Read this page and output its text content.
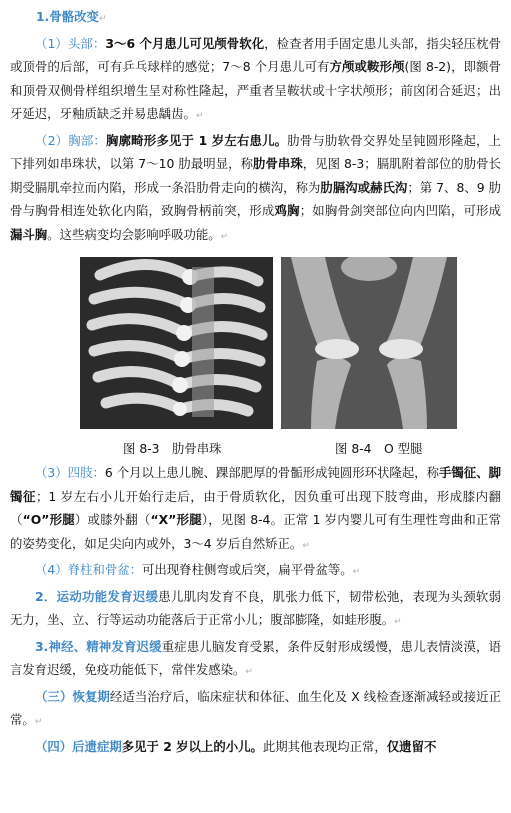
1.骨骼改变↵

（1）头部：3～6 个月患儿可见颅骨软化，检查者用手固定患儿头部，指尖轻压枕骨或顶骨的后部，可有乒乓球样的感觉；7～8 个月患儿可有方颅或鞍形颅(图 8-2)，即额骨和顶骨双侧骨样组织增生呈对称性隆起，严重者呈鞍状或十字状颅形；前囟闭合延迟；出牙延迟，牙釉质缺乏并易患龋齿。↵

（2）胸部：胸廓畸形多见于 1 岁左右患儿。肋骨与肋软骨交界处呈钝圆形隆起，上下排列如串珠状，以第 7～10 肋最明显，称肋骨串珠，见图 8-3；膈肌附着部位的肋骨长期受膈肌牵拉而内陷，形成一条沿肋骨走向的横沟，称为肋膈沟或赫氏沟；第 7、8、9 肋骨与胸骨相连处软化内陷，致胸骨柄前突，形成鸡胸；如胸骨剑突部位向内凹陷，可形成漏斗胸。这些病变均会影响呼吸功能。↵

图 8-3　肋骨串珠	图 8-4　O 型腿

（3）四肢：6 个月以上患儿腕、踝部肥厚的骨骺形成钝圆形环状隆起，称手镯征、脚镯征；1 岁左右小儿开始行走后，由于骨质软化，因负重可出现下肢弯曲，形成膝内翻（“O”形腿）或膝外翻（“X”形腿），见图 8-4。正常 1 岁内婴儿可有生理性弯曲和正常的姿势变化，如足尖向内或外，3～4 岁后自然矫正。↵

（4）脊柱和骨盆：可出现脊柱侧弯或后突，扁平骨盆等。↵

2．运动功能发育迟缓患儿肌肉发育不良，肌张力低下，韧带松弛，表现为头颈软弱无力，坐、立、行等运动功能落后于正常小儿；腹部膨隆，如蛙形腹。↵

3.神经、精神发育迟缓重症患儿脑发育受累，条件反射形成缓慢，患儿表情淡漠，语言发育迟缓，免疫功能低下，常伴发感染。↵

（三）恢复期经适当治疗后，临床症状和体征、血生化及 X 线检查逐渐减轻或接近正常。↵

（四）后遗症期多见于 2 岁以上的小儿。此期其他表现均正常，仅遗留不
